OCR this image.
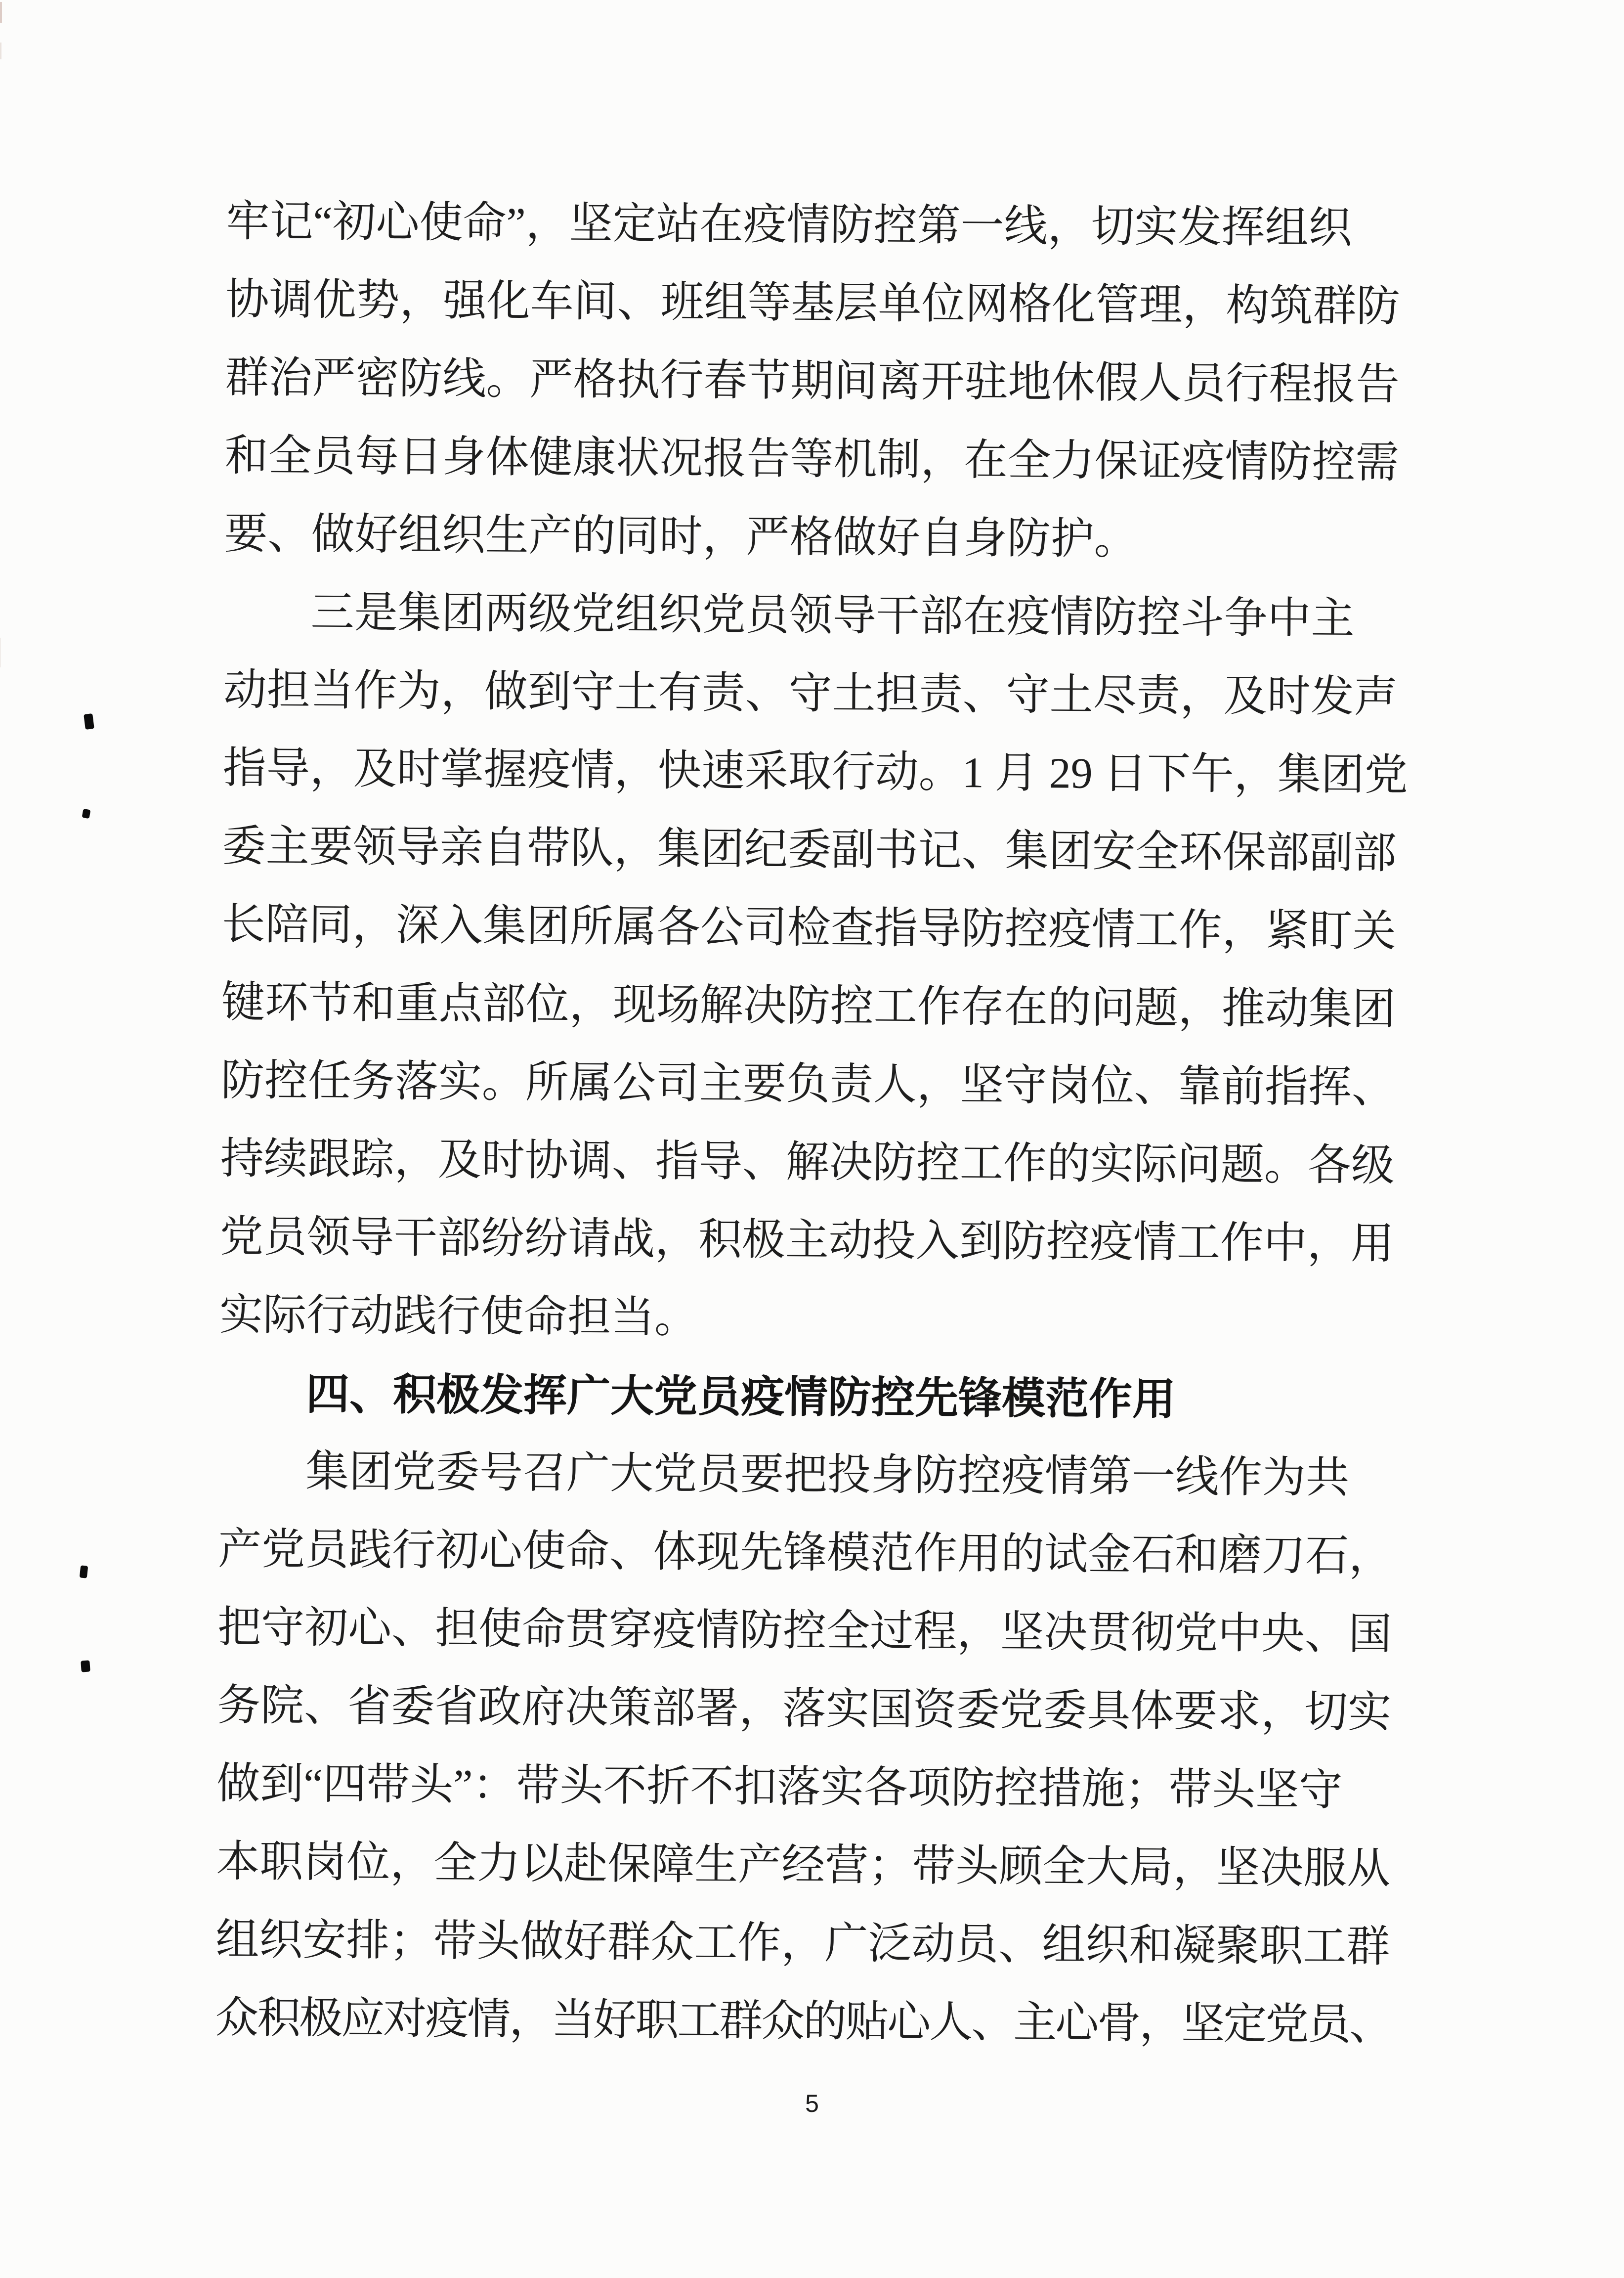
牢记“初心使命”，坚定站在疫情防控第一线，切实发挥组织
协调优势，强化车间、班组等基层单位网格化管理，构筑群防
群治严密防线。严格执行春节期间离开驻地休假人员行程报告
和全员每日身体健康状况报告等机制，在全力保证疫情防控需
要、做好组织生产的同时，严格做好自身防护。
三是集团两级党组织党员领导干部在疫情防控斗争中主
动担当作为，做到守土有责、守土担责、守土尽责，及时发声
指导，及时掌握疫情，快速采取行动。1 月 29 日下午，集团党
委主要领导亲自带队，集团纪委副书记、集团安全环保部副部
长陪同，深入集团所属各公司检查指导防控疫情工作，紧盯关
键环节和重点部位，现场解决防控工作存在的问题，推动集团
防控任务落实。所属公司主要负责人，坚守岗位、靠前指挥、
持续跟踪，及时协调、指导、解决防控工作的实际问题。各级
党员领导干部纷纷请战，积极主动投入到防控疫情工作中，用
实际行动践行使命担当。
四、积极发挥广大党员疫情防控先锋模范作用
集团党委号召广大党员要把投身防控疫情第一线作为共
产党员践行初心使命、体现先锋模范作用的试金石和磨刀石，
把守初心、担使命贯穿疫情防控全过程，坚决贯彻党中央、国
务院、省委省政府决策部署，落实国资委党委具体要求，切实
做到“四带头”：带头不折不扣落实各项防控措施；带头坚守
本职岗位，全力以赴保障生产经营；带头顾全大局，坚决服从
组织安排；带头做好群众工作，广泛动员、组织和凝聚职工群
众积极应对疫情，当好职工群众的贴心人、主心骨，坚定党员、
5
